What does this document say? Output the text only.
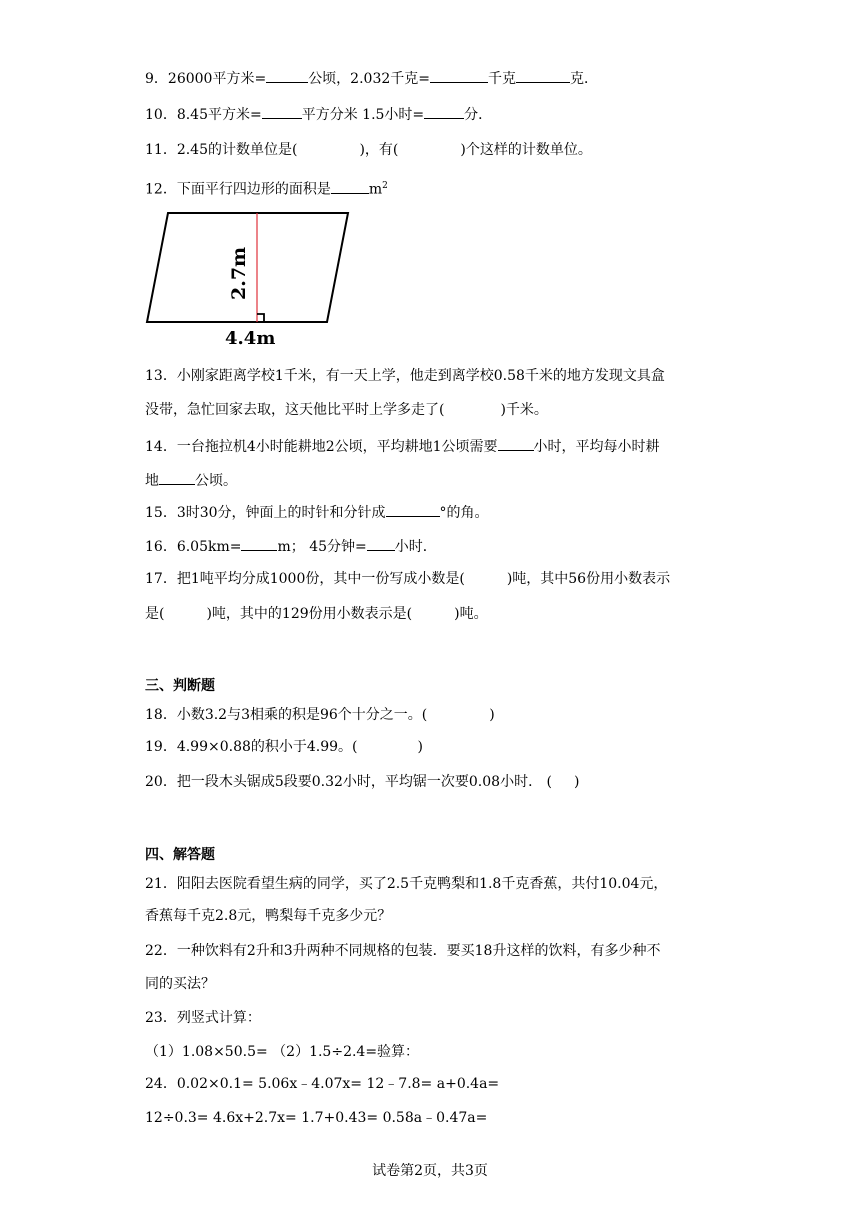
9．26000平方米=	公顷，2.032千克=	千克	克．
10．8.45平方米=	平方分米 1.5小时=	分．
11．2.45的计数单位是(	)，有(	)个这样的计数单位。
12．下面平行四边形的面积是	$m^2$
2.7m
4.4m
13．小刚家距离学校1千米，有一天上学，他走到离学校0.58千米的地方发现文具盒
没带，急忙回家去取，这天他比平时上学多走了(	)千米。
14．一台拖拉机4小时能耕地2公顷，平均耕地1公顷需要	小时，平均每小时耕
地	公顷。
15．3时30分，钟面上的时针和分针成	°的角。
16．6.05km=	m； 45分钟= 小时．
17．把1吨平均分成1000份，其中一份写成小数是(	)吨，其中56份用小数表示
是(	)吨，其中的129份用小数表示是(	)吨。
三、判断题
18．小数3.2与3相乘的积是96个十分之一。(	)
19．4.99×0.88的积小于4.99。(	)
20．把一段木头锯成5段要0.32小时，平均锯一次要0.08小时． ( )
四、解答题
21．阳阳去医院看望生病的同学，买了2.5千克鸭梨和1.8千克香蕉，共付10.04元，
香蕉每千克2.8元，鸭梨每千克多少元？
22．一种饮料有2升和3升两种不同规格的包装．要买18升这样的饮料，有多少种不
同的买法？
23．列竖式计算：
（1）1.08×50.5= （2）1.5÷2.4=验算：
24．0.02×0.1= 5.06x﹣4.07x= 12﹣7.8= a+0.4a=
12÷0.3= 4.6x+2.7x= 1.7+0.43= 0.58a﹣0.47a=
试卷第2页，共3页
